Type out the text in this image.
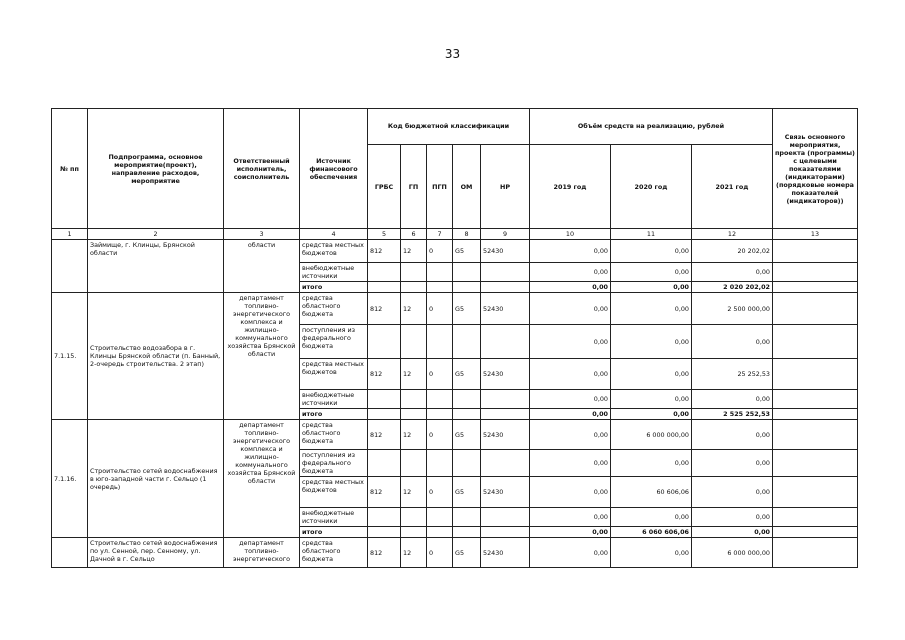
33
№ пп	Подпрограмма, основное мероприятие(проект), направление расходов, мероприятие	Ответственный исполнитель, соисполнитель	Источник финансового обеспечения	Код бюджетной классификации					Объём средств на реализацию, рублей			Связь основного мероприятия, проекта (программы) с целевыми показателями (индикаторами) (порядковые номера показателей (индикаторов))
				ГРБС	ГП	ПГП	ОМ	НР	2019 год	2020 год	2021 год	
1	2	3	4	5	6	7	8	9	10	11	12	13
	Займище, г. Клинцы, Брянской области	области	средства местных бюджетов	812	12	0	G5	52430	0,00	0,00	20 202,02	
			внебюджетные источники						0,00	0,00	0,00	
			итого						0,00	0,00	2 020 202,02	
7.1.15.	Строительство водозабора в г. Клинцы Брянской области (п. Банный, 2-очередь строительства. 2 этап)	департамент топливно-энергетического комплекса и жилищно-коммунального хозяйства Брянской области	средства областного бюджета	812	12	0	G5	52430	0,00	0,00	2 500 000,00	
			поступления из федерального бюджета						0,00	0,00	0,00	
			средства местных бюджетов	812	12	0	G5	52430	0,00	0,00	25 252,53	
			внебюджетные источники						0,00	0,00	0,00	
			итого						0,00	0,00	2 525 252,53	
7.1.16.	Строительство сетей водоснабжения в юго-западной части г. Сельцо (1 очередь)	департамент топливно-энергетического комплекса и жилищно-коммунального хозяйства Брянской области	средства областного бюджета	812	12	0	G5	52430	0,00	6 000 000,00	0,00	
			поступления из федерального бюджета						0,00	0,00	0,00	
			средства местных бюджетов	812	12	0	G5	52430	0,00	60 606,06	0,00	
			внебюджетные источники						0,00	0,00	0,00	
			итого						0,00	6 060 606,06	0,00	
	Строительство сетей водоснабжения по ул. Сенной, пер. Сенному, ул. Дачной в г. Сельцо	департамент топливно-энергетического	средства областного бюджета	812	12	0	G5	52430	0,00	0,00	6 000 000,00	
